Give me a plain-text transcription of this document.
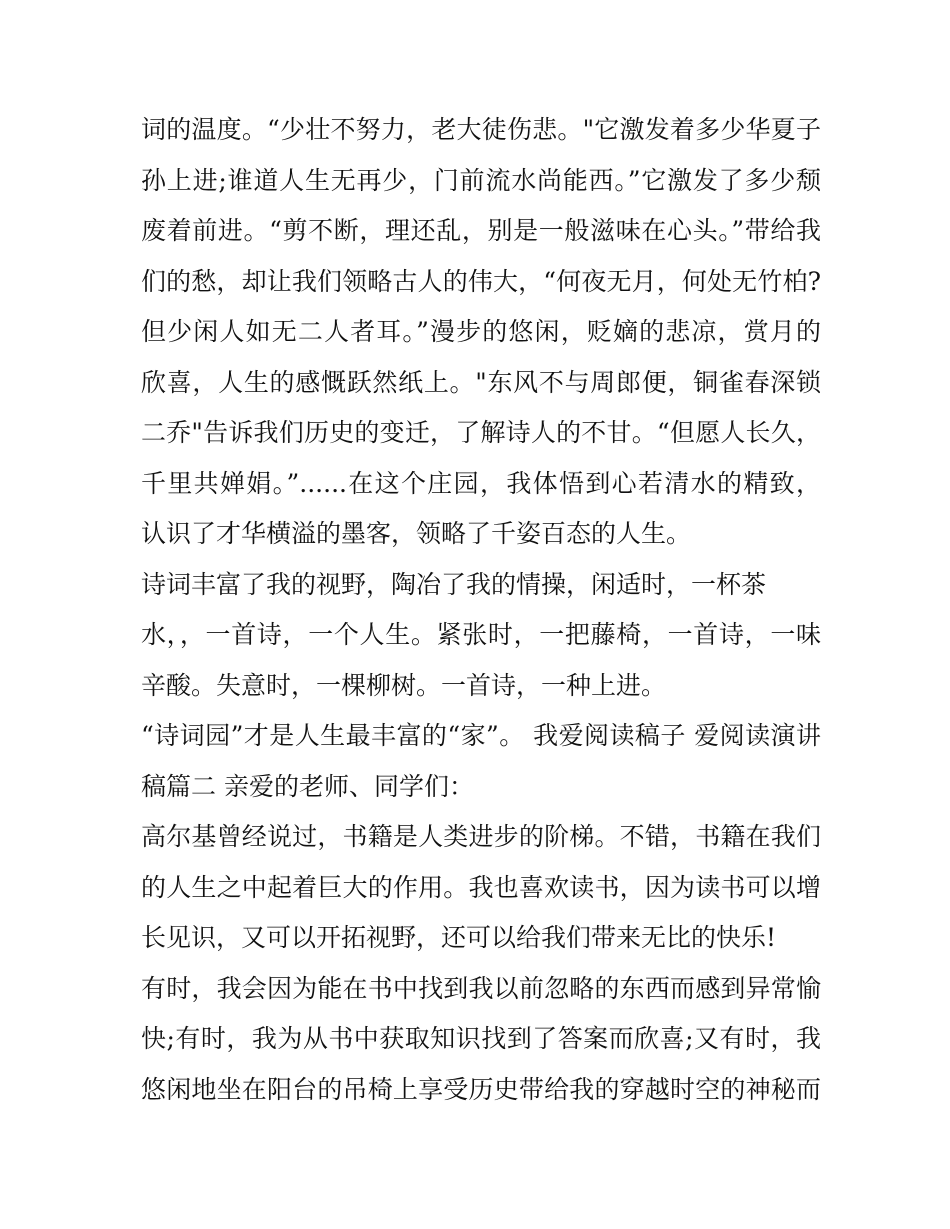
词的温度。“少壮不努力，老大徒伤悲。"它激发着多少华夏子
孙上进;谁道人生无再少，门前流水尚能西。”它激发了多少颓
废着前进。“剪不断，理还乱，别是一般滋味在心头。”带给我
们的愁，却让我们领略古人的伟大，“何夜无月，何处无竹柏?
但少闲人如无二人者耳。”漫步的悠闲，贬嫡的悲凉，赏月的
欣喜，人生的感慨跃然纸上。"东风不与周郎便，铜雀春深锁
二乔"告诉我们历史的变迁，了解诗人的不甘。“但愿人长久，
千里共婵娟。”......在这个庄园，我体悟到心若清水的精致，
认识了才华横溢的墨客，领略了千姿百态的人生。
诗词丰富了我的视野，陶冶了我的情操，闲适时，一杯茶
水，，一首诗，一个人生。紧张时，一把藤椅，一首诗，一味
辛酸。失意时，一棵柳树。一首诗，一种上进。
“诗词园”才是人生最丰富的“家”。 我爱阅读稿子 爱阅读演讲
稿篇二 亲爱的老师、同学们：
高尔基曾经说过，书籍是人类进步的阶梯。不错，书籍在我们
的人生之中起着巨大的作用。我也喜欢读书，因为读书可以增
长见识，又可以开拓视野，还可以给我们带来无比的快乐!
有时，我会因为能在书中找到我以前忽略的东西而感到异常愉
快;有时，我为从书中获取知识找到了答案而欣喜;又有时，我
悠闲地坐在阳台的吊椅上享受历史带给我的穿越时空的神秘而
